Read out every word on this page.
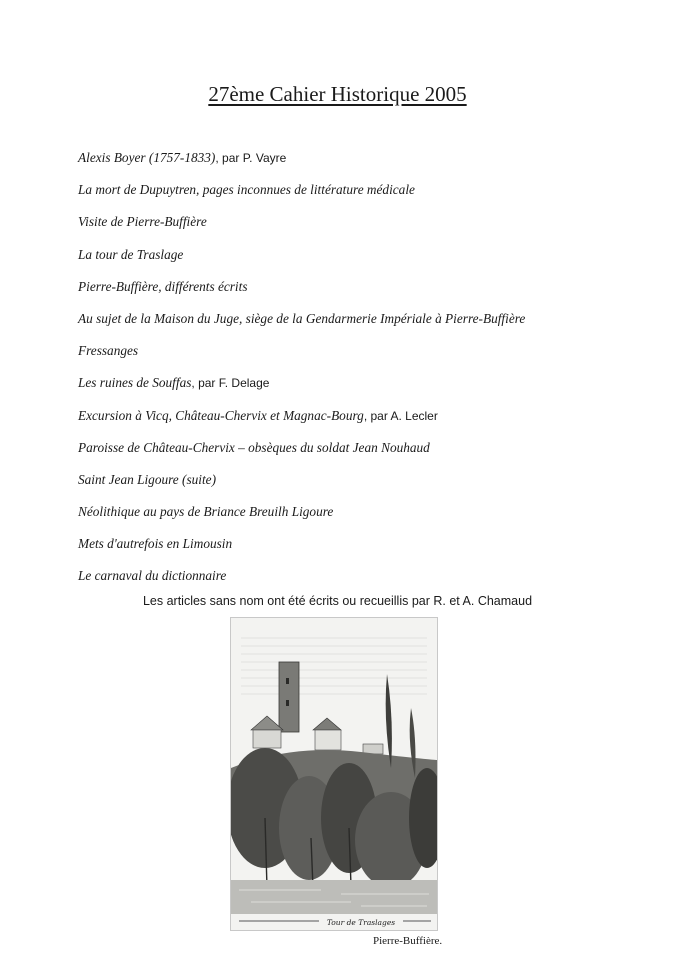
27ème Cahier Historique 2005
Alexis Boyer (1757-1833), par P. Vayre
La mort de Dupuytren, pages inconnues de littérature médicale
Visite de Pierre-Buffière
La tour de Traslage
Pierre-Buffière, différents écrits
Au sujet de la Maison du Juge, siège de la Gendarmerie Impériale à Pierre-Buffière
Fressanges
Les ruines de Souffas, par F. Delage
Excursion à Vicq, Château-Chervix et Magnac-Bourg, par A. Lecler
Paroisse de Château-Chervix – obsèques du soldat Jean Nouhaud
Saint Jean Ligoure (suite)
Néolithique au pays de Briance Breuilh Ligoure
Mets d'autrefois en Limousin
Le carnaval du dictionnaire
Les articles sans nom ont été écrits ou recueillis par R. et A. Chamaud
Tour de Traslages
Pierre-Buffière.
